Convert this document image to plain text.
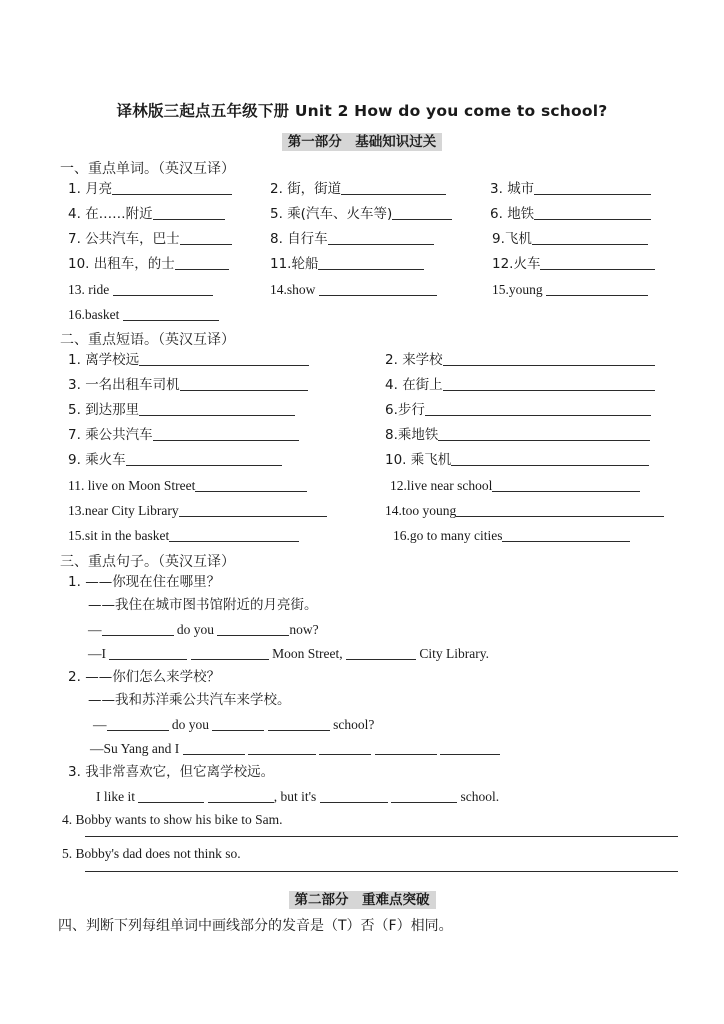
译林版三起点五年级下册 Unit 2 How do you come to school?
第一部分　基础知识过关
一、重点单词。（英汉互译）
1. 月亮	2. 街，街道	3. 城市
4. 在……附近	5. 乘(汽车、火车等)	6. 地铁
7. 公共汽车，巴士	8. 自行车	9.飞机
10. 出租车，的士	11.轮船	12.火车
13. ride	14.show	15.young
16.basket
二、重点短语。（英汉互译）
1. 离学校远	2. 来学校
3. 一名出租车司机	4. 在街上
5. 到达那里	6.步行
7. 乘公共汽车	8.乘地铁
9. 乘火车	10. 乘飞机
11. live on Moon Street	12.live near school
13.near City Library	14.too young
15.sit in the basket	16.go to many cities
三、重点句子。（英汉互译）
1. ——你现在住在哪里？
——我住在城市图书馆附近的月亮街。
—	do you	now?
—I	Moon Street,	City Library.
2. ——你们怎么来学校？
——我和苏洋乘公共汽车来学校。
—	do you	school?
—Su Yang and I
3. 我非常喜欢它，但它离学校远。
I like it	, but it's	school.
4. Bobby wants to show his bike to Sam.
5. Bobby's dad does not think so.
第二部分　重难点突破
四、判断下列每组单词中画线部分的发音是（T）否（F）相同。
